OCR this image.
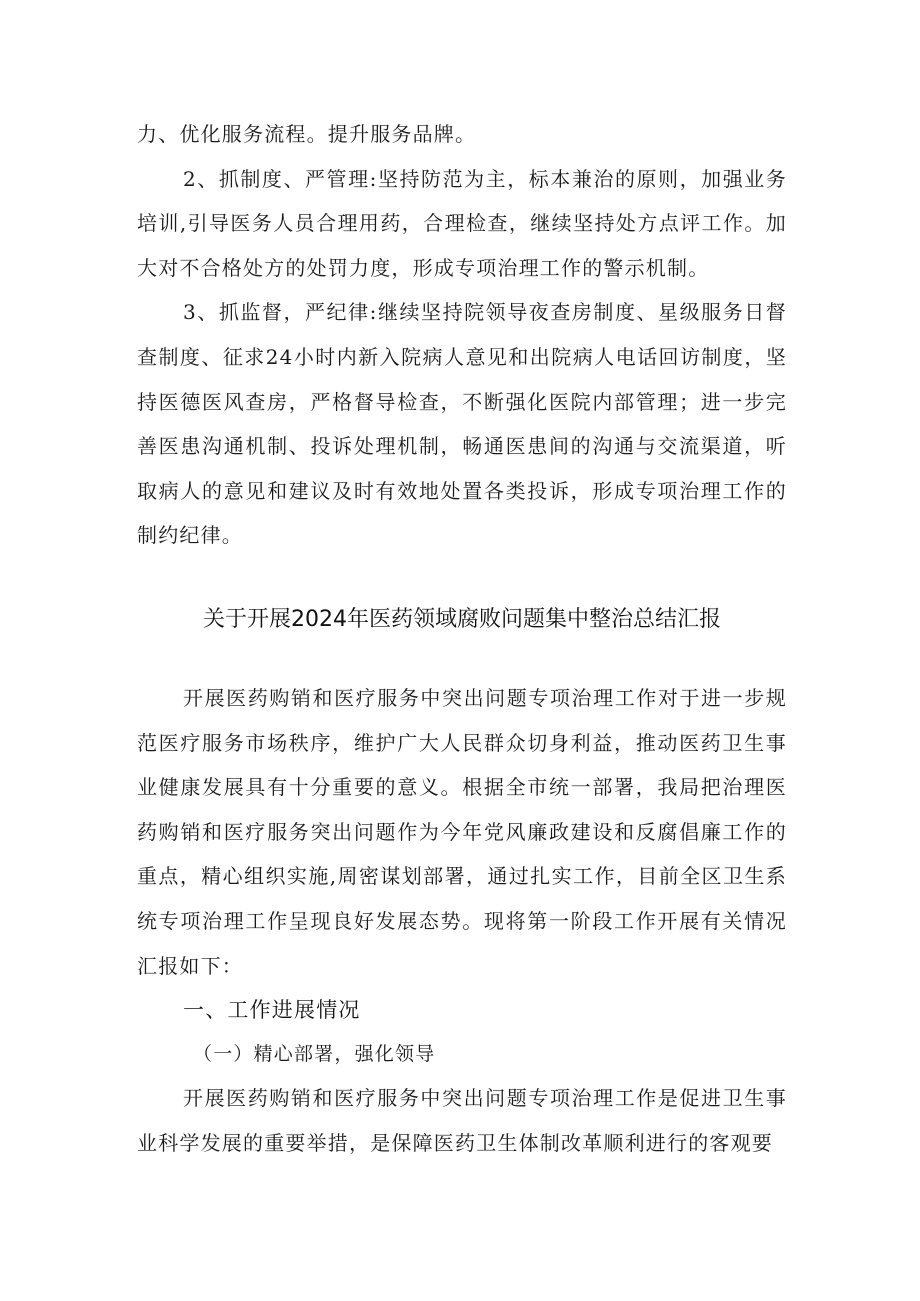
力、优化服务流程。提升服务品牌。

2、抓制度、严管理:坚持防范为主，标本兼治的原则，加强业务培训,引导医务人员合理用药，合理检查，继续坚持处方点评工作。加大对不合格处方的处罚力度，形成专项治理工作的警示机制。

3、抓监督，严纪律:继续坚持院领导夜查房制度、星级服务日督查制度、征求24小时内新入院病人意见和出院病人电话回访制度，坚持医德医风查房，严格督导检查，不断强化医院内部管理；进一步完善医患沟通机制、投诉处理机制，畅通医患间的沟通与交流渠道，听取病人的意见和建议及时有效地处置各类投诉，形成专项治理工作的制约纪律。

关于开展2024年医药领域腐败问题集中整治总结汇报

开展医药购销和医疗服务中突出问题专项治理工作对于进一步规范医疗服务市场秩序，维护广大人民群众切身利益，推动医药卫生事业健康发展具有十分重要的意义。根据全市统一部署，我局把治理医药购销和医疗服务突出问题作为今年党风廉政建设和反腐倡廉工作的重点，精心组织实施,周密谋划部署，通过扎实工作，目前全区卫生系统专项治理工作呈现良好发展态势。现将第一阶段工作开展有关情况汇报如下：

一、工作进展情况

（一）精心部署，强化领导

开展医药购销和医疗服务中突出问题专项治理工作是促进卫生事业科学发展的重要举措，是保障医药卫生体制改革顺利进行的客观要
